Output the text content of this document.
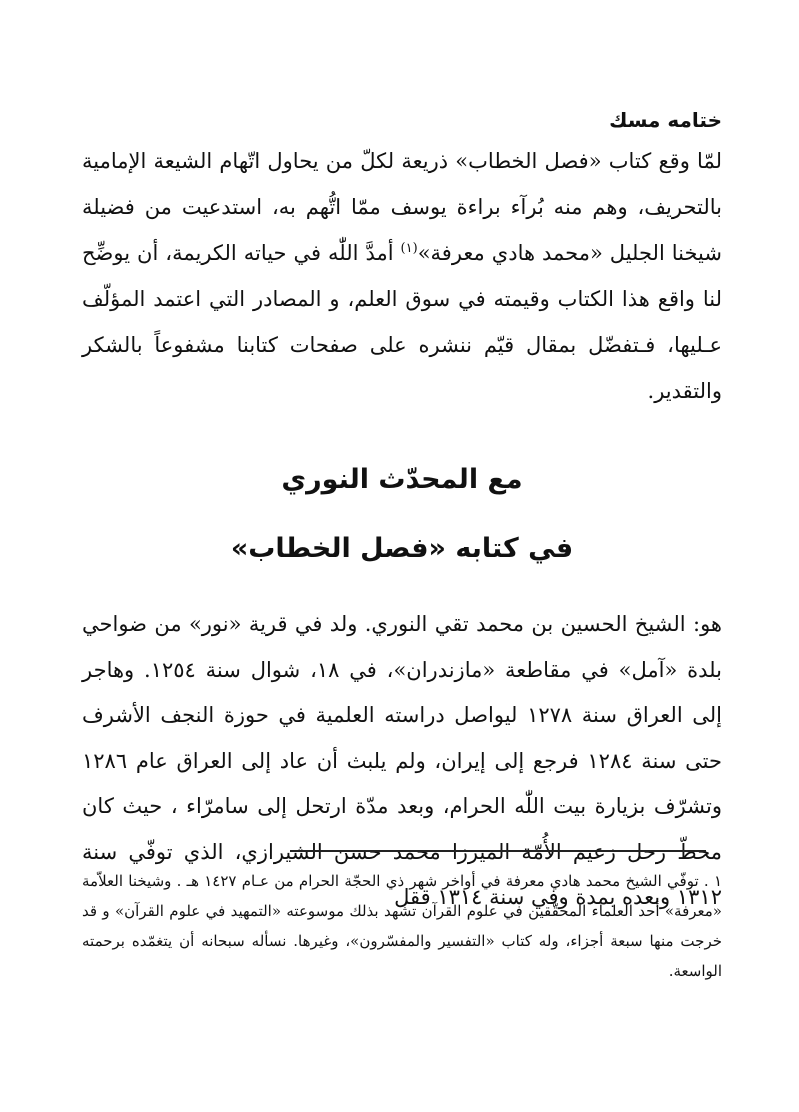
ختامه مسك

لمّا وقع كتاب «فصل الخطاب» ذريعة لكلّ من يحاول اتّهام الشيعة الإمامية بالتحريف، وهم منه بُرآء براءة يوسف ممّا اتُّهم به، استدعيت من فضيلة شيخنا الجليل «محمد هادي معرفة»$^{(١)}$ أمدَّ اللّٰه في حياته الكريمة، أن يوضِّح لنا واقع هذا الكتاب وقيمته في سوق العلم، و المصادر التي اعتمد المؤلّف عـليها، فـتفضّل بمقال قيّم ننشره على صفحات كتابنا مشفوعاً بالشكر والتقدير.

مع المحدّث النوري
في كتابه «فصل الخطاب»

هو: الشيخ الحسين بن محمد تقي النوري. ولد في قرية «نور» من ضواحي بلدة «آمل» في مقاطعة «مازندران»، في ١٨، شوال سنة ١٢٥٤. وهاجر إلى العراق سنة ١٢٧٨ ليواصل دراسته العلمية في حوزة النجف الأشرف حتى سنة ١٢٨٤ فرجع إلى إيران، ولم يلبث أن عاد إلى العراق عام ١٢٨٦ وتشرّف بزيارة بيت اللّٰه الحرام، وبعد مدّة ارتحل إلى سامرّاء ، حيث كان محطّ رحل زعيم الأُمّة الميرزا محمد حسن الشيرازي، الذي توفّي سنة ١٣١٢ وبعده بمدة وفي سنة ١٣١٤ ققل

١ . توفّي الشيخ محمد هادي معرفة في أواخر شهر ذي الحجّة الحرام من عـام ١٤٢٧ هـ . وشيخنا العلاّمة «معرفة» أحد العلماء المحقّقين في علوم القرآن تشهد بذلك موسوعته «التمهيد في علوم القرآن» و قد خرجت منها سبعة أجزاء، وله كتاب «التفسير والمفسّرون»، وغيرها. نسأله سبحانه أن يتغمّده برحمته الواسعة.
